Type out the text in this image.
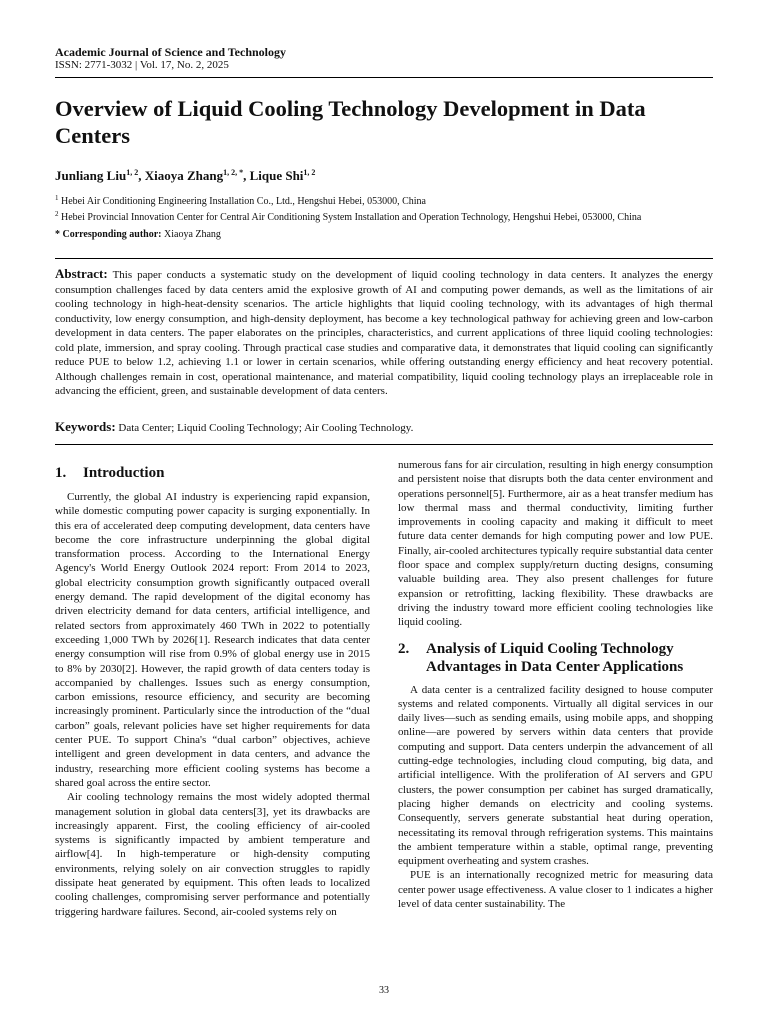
Academic Journal of Science and Technology
ISSN: 2771-3032 | Vol. 17, No. 2, 2025
Overview of Liquid Cooling Technology Development in Data Centers
Junliang Liu$^{1, 2}$, Xiaoya Zhang$^{1, 2, *}$, Lique Shi$^{1, 2}$

$^1$ Hebei Air Conditioning Engineering Installation Co., Ltd., Hengshui Hebei, 053000, China

$^2$ Hebei Provincial Innovation Center for Central Air Conditioning System Installation and Operation Technology, Hengshui Hebei, 053000, China

* Corresponding author: Xiaoya Zhang

Abstract: This paper conducts a systematic study on the development of liquid cooling technology in data centers. It analyzes the energy consumption challenges faced by data centers amid the explosive growth of AI and computing power demands, as well as the limitations of air cooling technology in high-heat-density scenarios. The article highlights that liquid cooling technology, with its advantages of high thermal conductivity, low energy consumption, and high-density deployment, has become a key technological pathway for achieving green and low-carbon development in data centers. The paper elaborates on the principles, characteristics, and current applications of three liquid cooling technologies: cold plate, immersion, and spray cooling. Through practical case studies and comparative data, it demonstrates that liquid cooling can significantly reduce PUE to below 1.2, achieving 1.1 or lower in certain scenarios, while offering outstanding energy efficiency and heat recovery potential. Although challenges remain in cost, operational maintenance, and material compatibility, liquid cooling technology plays an irreplaceable role in advancing the efficient, green, and sustainable development of data centers.
Keywords: Data Center; Liquid Cooling Technology; Air Cooling Technology.
1.	Introduction

Currently, the global AI industry is experiencing rapid expansion, while domestic computing power capacity is surging exponentially. In this era of accelerated deep computing development, data centers have become the core infrastructure underpinning the global digital transformation process. According to the International Energy Agency's World Energy Outlook 2024 report: From 2014 to 2023, global electricity consumption growth significantly outpaced overall energy demand. The rapid development of the digital economy has driven electricity demand for data centers, artificial intelligence, and related sectors from approximately 460 TWh in 2022 to potentially exceeding 1,000 TWh by 2026[1]. Research indicates that data center energy consumption will rise from 0.9% of global energy use in 2015 to 8% by 2030[2]. However, the rapid growth of data centers today is accompanied by challenges. Issues such as energy consumption, carbon emissions, resource efficiency, and security are becoming increasingly prominent. Particularly since the introduction of the “dual carbon” goals, relevant policies have set higher requirements for data center PUE. To support China's “dual carbon” objectives, achieve intelligent and green development in data centers, and advance the industry, researching more efficient cooling systems has become a shared goal across the entire sector.

Air cooling technology remains the most widely adopted thermal management solution in global data centers[3], yet its drawbacks are increasingly apparent. First, the cooling efficiency of air-cooled systems is significantly impacted by ambient temperature and airflow[4]. In high-temperature or high-density computing environments, relying solely on air convection struggles to rapidly dissipate heat generated by equipment. This often leads to localized cooling challenges, compromising server performance and potentially triggering hardware failures. Second, air-cooled systems rely on

numerous fans for air circulation, resulting in high energy consumption and persistent noise that disrupts both the data center environment and operations personnel[5]. Furthermore, air as a heat transfer medium has low thermal mass and thermal conductivity, limiting further improvements in cooling capacity and making it difficult to meet future data center demands for high computing power and low PUE. Finally, air-cooled architectures typically require substantial data center floor space and complex supply/return ducting designs, consuming valuable building area. They also present challenges for future expansion or retrofitting, lacking flexibility. These drawbacks are driving the industry toward more efficient cooling technologies like liquid cooling.

2.	Analysis of Liquid Cooling Technology Advantages in Data Center Applications

A data center is a centralized facility designed to house computer systems and related components. Virtually all digital services in our daily lives—such as sending emails, using mobile apps, and shopping online—are powered by servers within data centers that provide computing and support. Data centers underpin the advancement of all cutting-edge technologies, including cloud computing, big data, and artificial intelligence. With the proliferation of AI servers and GPU clusters, the power consumption per cabinet has surged dramatically, placing higher demands on electricity and cooling systems. Consequently, servers generate substantial heat during operation, necessitating its removal through refrigeration systems. This maintains the ambient temperature within a stable, optimal range, preventing equipment overheating and system crashes.

PUE is an internationally recognized metric for measuring data center power usage effectiveness. A value closer to 1 indicates a higher level of data center sustainability. The

33
